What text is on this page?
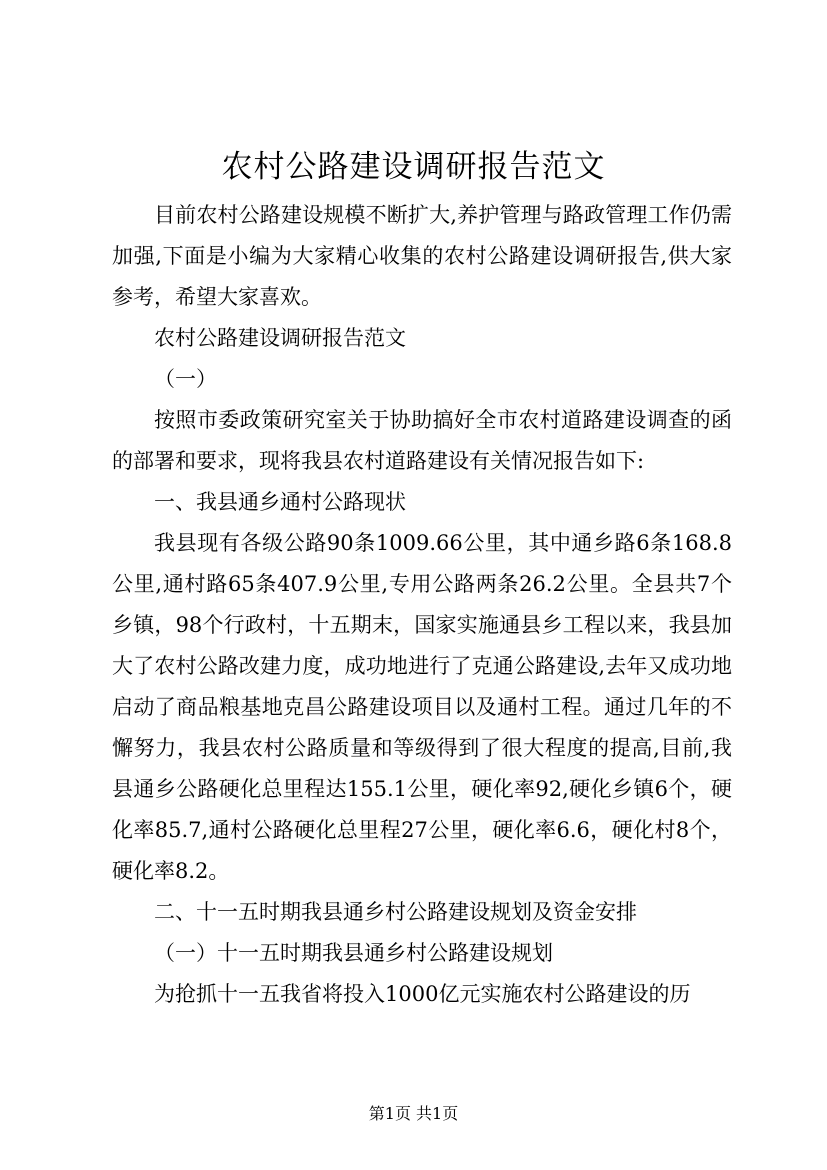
农村公路建设调研报告范文

目前农村公路建设规模不断扩大,养护管理与路政管理工作仍需加强,下面是小编为大家精心收集的农村公路建设调研报告,供大家参考，希望大家喜欢。

农村公路建设调研报告范文

（一）

按照市委政策研究室关于协助搞好全市农村道路建设调查的函的部署和要求，现将我县农村道路建设有关情况报告如下:

一、我县通乡通村公路现状

我县现有各级公路90条1009.66公里，其中通乡路6条168.8公里,通村路65条407.9公里,专用公路两条26.2公里。全县共7个乡镇，98个行政村，十五期末，国家实施通县乡工程以来，我县加大了农村公路改建力度，成功地进行了克通公路建设,去年又成功地启动了商品粮基地克昌公路建设项目以及通村工程。通过几年的不懈努力，我县农村公路质量和等级得到了很大程度的提高,目前,我县通乡公路硬化总里程达155.1公里，硬化率92,硬化乡镇6个，硬化率85.7,通村公路硬化总里程27公里，硬化率6.6，硬化村8个，硬化率8.2。

二、十一五时期我县通乡村公路建设规划及资金安排

（一）十一五时期我县通乡村公路建设规划

为抢抓十一五我省将投入1000亿元实施农村公路建设的历

第1页 共1页
